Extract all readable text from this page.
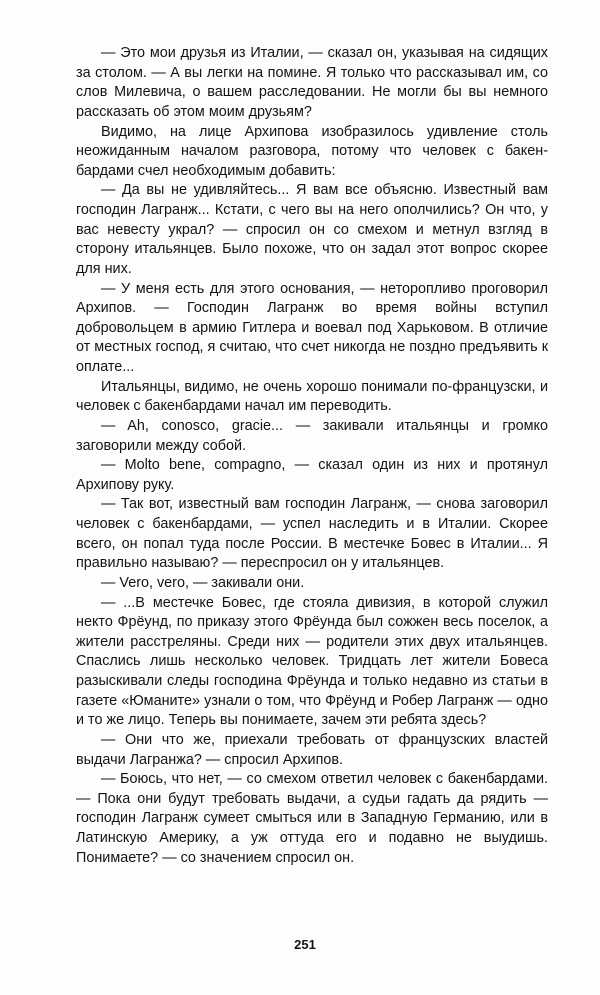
— Это мои друзья из Италии, — сказал он, указывая на сидящих за столом. — А вы легки на помине. Я только что рассказывал им, со слов Милевича, о вашем расследовании. Не могли бы вы немного рассказать об этом моим друзьям?

Видимо, на лице Архипова изобразилось удивление столь неожиданным началом разговора, потому что человек с бакенбардами счел необходимым добавить:

— Да вы не удивляйтесь... Я вам все объясню. Известный вам господин Лагранж... Кстати, с чего вы на него ополчились? Он что, у вас невесту украл? — спросил он со смехом и метнул взгляд в сторону итальянцев. Было похоже, что он задал этот вопрос скорее для них.

— У меня есть для этого основания, — неторопливо проговорил Архипов. — Господин Лагранж во время войны вступил добровольцем в армию Гитлера и воевал под Харьковом. В отличие от местных господ, я считаю, что счет никогда не поздно предъявить к оплате...

Итальянцы, видимо, не очень хорошо понимали по-французски, и человек с бакенбардами начал им переводить.

— Ah, conosco, gracie... — закивали итальянцы и громко заговорили между собой.

— Molto bene, compagno, — сказал один из них и протянул Архипову руку.

— Так вот, известный вам господин Лагранж, — снова заговорил человек с бакенбардами, — успел наследить и в Италии. Скорее всего, он попал туда после России. В местечке Бовес в Италии... Я правильно называю? — переспросил он у итальянцев.

— Vero, vero, — закивали они.

— ...В местечке Бовес, где стояла дивизия, в которой служил некто Фрёунд, по приказу этого Фрёунда был сожжен весь поселок, а жители расстреляны. Среди них — родители этих двух итальянцев. Спаслись лишь несколько человек. Тридцать лет жители Бовеса разыскивали следы господина Фрёунда и только недавно из статьи в газете «Юманите» узнали о том, что Фрёунд и Робер Лагранж — одно и то же лицо. Теперь вы понимаете, зачем эти ребята здесь?

— Они что же, приехали требовать от французских властей выдачи Лагранжа? — спросил Архипов.

— Боюсь, что нет, — со смехом ответил человек с бакенбардами. — Пока они будут требовать выдачи, а судьи гадать да рядить — господин Лагранж сумеет смыться или в Западную Германию, или в Латинскую Америку, а уж оттуда его и подавно не выудишь. Понимаете? — со значением спросил он.

251
